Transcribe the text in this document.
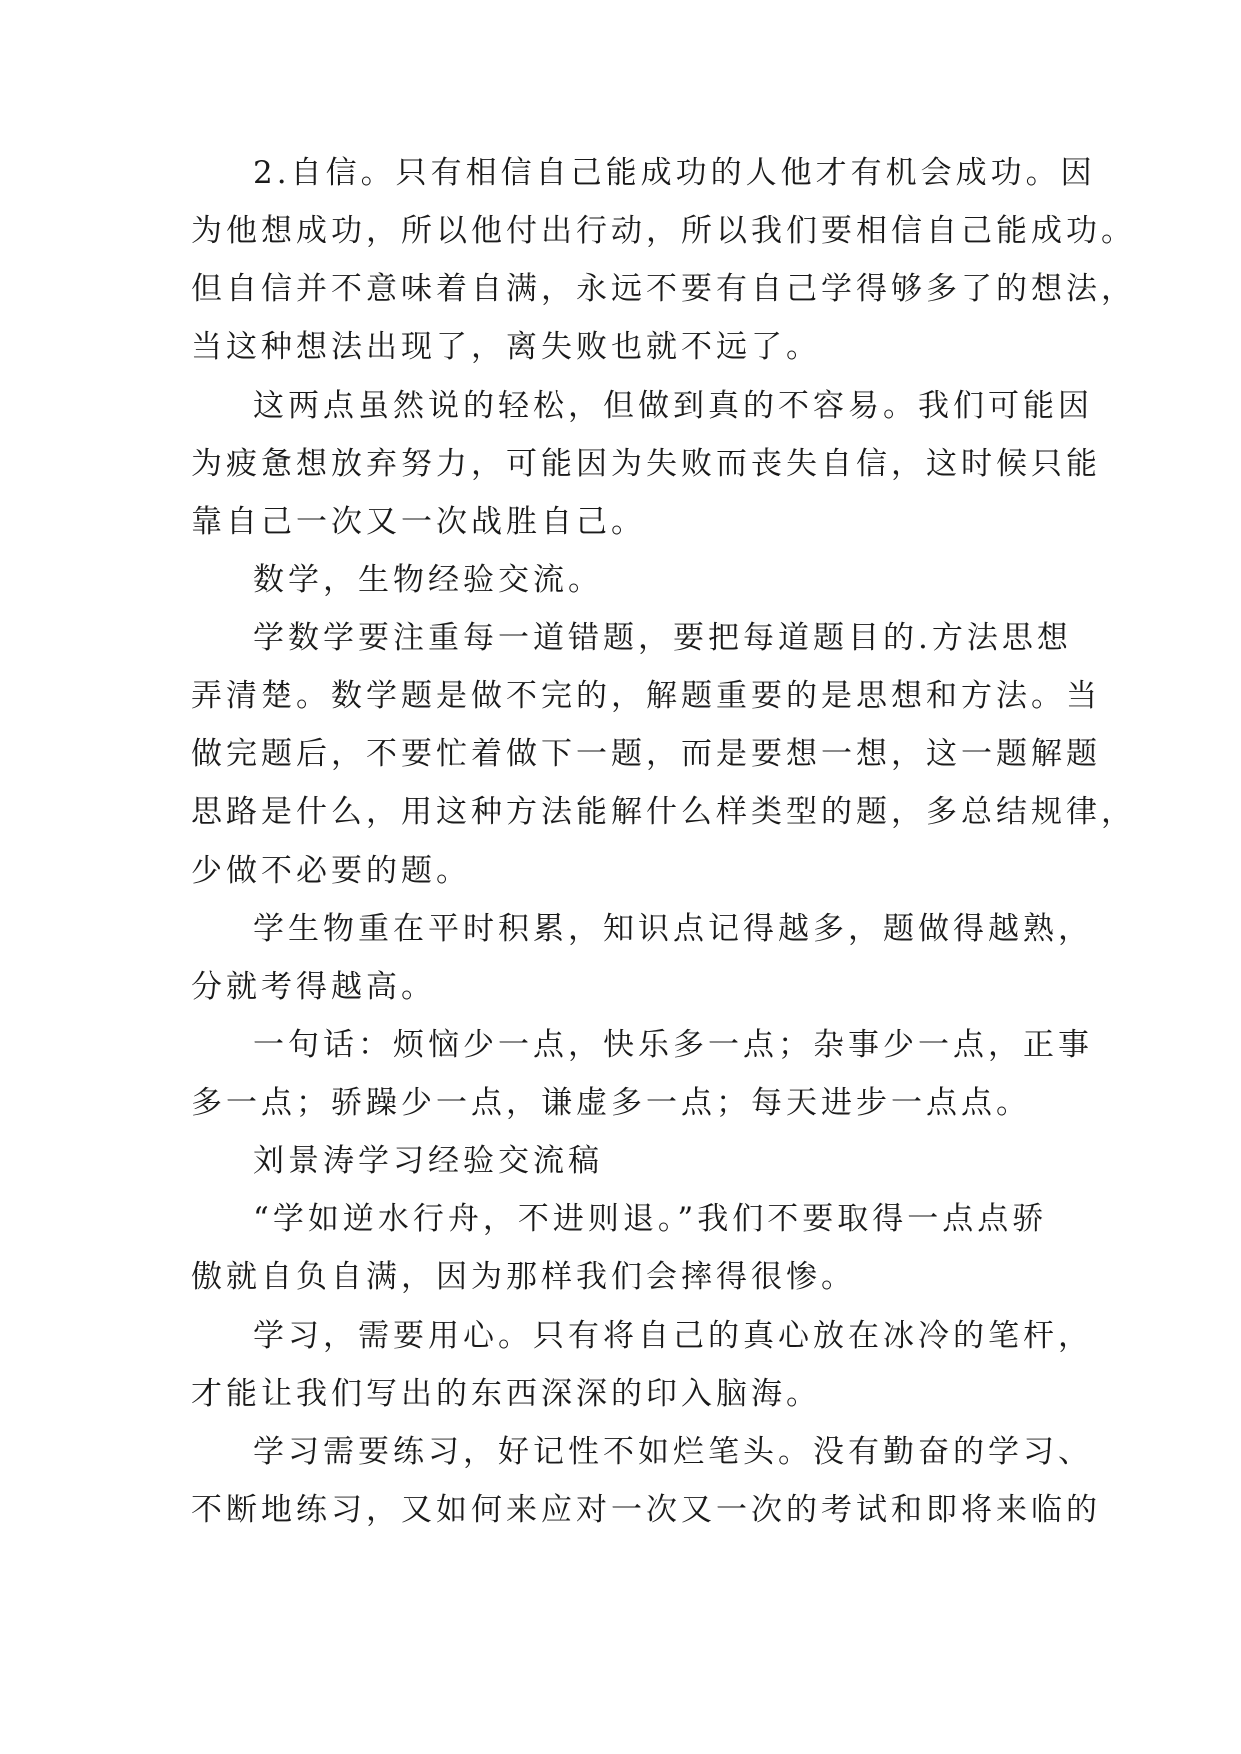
2.自信。只有相信自己能成功的人他才有机会成功。因

为他想成功，所以他付出行动，所以我们要相信自己能成功。

但自信并不意味着自满，永远不要有自己学得够多了的想法，

当这种想法出现了，离失败也就不远了。

这两点虽然说的轻松，但做到真的不容易。我们可能因

为疲惫想放弃努力，可能因为失败而丧失自信，这时候只能

靠自己一次又一次战胜自己。

数学，生物经验交流。

学数学要注重每一道错题，要把每道题目的.方法思想

弄清楚。数学题是做不完的，解题重要的是思想和方法。当

做完题后，不要忙着做下一题，而是要想一想，这一题解题

思路是什么，用这种方法能解什么样类型的题，多总结规律，

少做不必要的题。

学生物重在平时积累，知识点记得越多，题做得越熟，

分就考得越高。

一句话：烦恼少一点，快乐多一点；杂事少一点，正事

多一点；骄躁少一点，谦虚多一点；每天进步一点点。

刘景涛学习经验交流稿

“学如逆水行舟，不进则退。”我们不要取得一点点骄

傲就自负自满，因为那样我们会摔得很惨。

学习，需要用心。只有将自己的真心放在冰冷的笔杆，

才能让我们写出的东西深深的印入脑海。

学习需要练习，好记性不如烂笔头。没有勤奋的学习、

不断地练习，又如何来应对一次又一次的考试和即将来临的
